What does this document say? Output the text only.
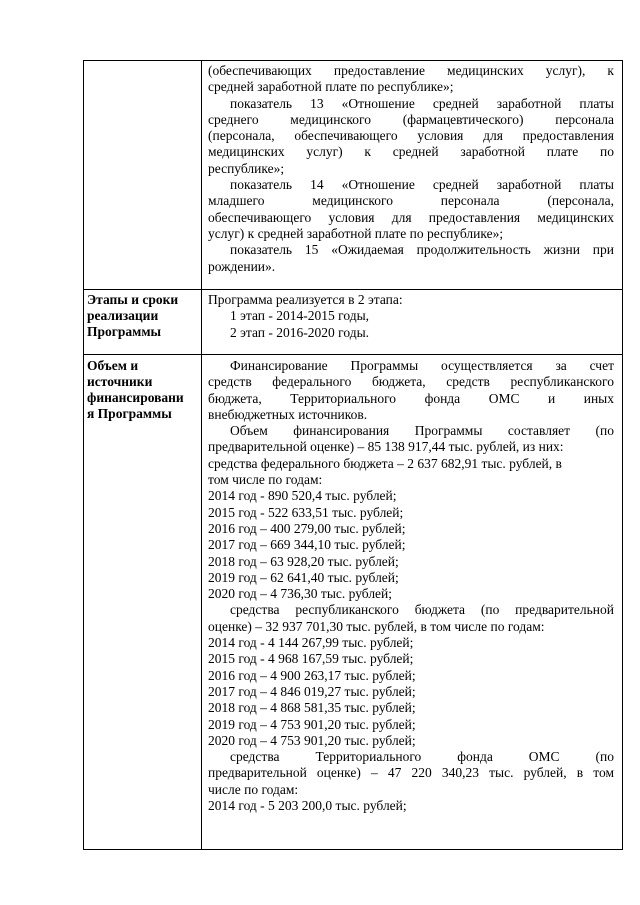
(обеспечивающих предоставление медицинских услуг), к
средней заработной плате по республике»;
показатель 13 «Отношение средней заработной платы
среднего медицинского (фармацевтического) персонала
(персонала, обеспечивающего условия для предоставления
медицинских услуг) к средней заработной плате по
республике»;
показатель 14 «Отношение средней заработной платы
младшего медицинского персонала (персонала,
обеспечивающего условия для предоставления медицинских
услуг) к средней заработной плате по республике»;
показатель 15 «Ожидаемая продолжительность жизни при
рождении».
Этапы и сроки
реализации
Программы
Программа реализуется в 2 этапа:
1 этап - 2014-2015 годы,
2 этап - 2016-2020 годы.
Объем и
источники
финансировани
я Программы
Финансирование Программы осуществляется за счет
средств федерального бюджета, средств республиканского
бюджета, Территориального фонда ОМС и иных
внебюджетных источников.
Объем финансирования Программы составляет (по
предварительной оценке) – 85 138 917,44 тыс. рублей, из них:
средства федерального бюджета – 2 637 682,91 тыс. рублей, в
том числе по годам:
2014 год - 890 520,4 тыс. рублей;
2015 год - 522 633,51 тыс. рублей;
2016 год – 400 279,00 тыс. рублей;
2017 год – 669 344,10 тыс. рублей;
2018 год – 63 928,20 тыс. рублей;
2019 год – 62 641,40 тыс. рублей;
2020 год – 4 736,30 тыс. рублей;
средства республиканского бюджета (по предварительной
оценке) – 32 937 701,30 тыс. рублей, в том числе по годам:
2014 год - 4 144 267,99 тыс. рублей;
2015 год - 4 968 167,59 тыс. рублей;
2016 год – 4 900 263,17 тыс. рублей;
2017 год – 4 846 019,27 тыс. рублей;
2018 год – 4 868 581,35 тыс. рублей;
2019 год – 4 753 901,20 тыс. рублей;
2020 год – 4 753 901,20 тыс. рублей;
средства Территориального фонда ОМС (по
предварительной оценке) – 47 220 340,23 тыс. рублей, в том
числе по годам:
2014 год - 5 203 200,0 тыс. рублей;
